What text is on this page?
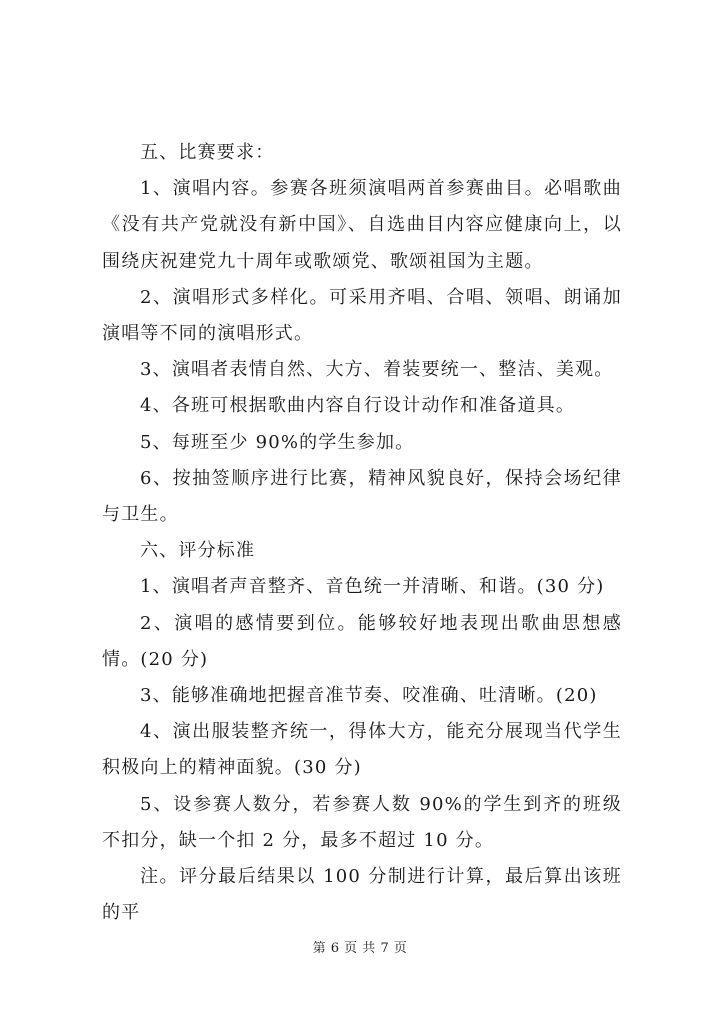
五、比赛要求：

1、演唱内容。参赛各班须演唱两首参赛曲目。必唱歌曲《没有共产党就没有新中国》、自选曲目内容应健康向上，以围绕庆祝建党九十周年或歌颂党、歌颂祖国为主题。

2、演唱形式多样化。可采用齐唱、合唱、领唱、朗诵加演唱等不同的演唱形式。

3、演唱者表情自然、大方、着装要统一、整洁、美观。

4、各班可根据歌曲内容自行设计动作和准备道具。

5、每班至少 90%的学生参加。

6、按抽签顺序进行比赛，精神风貌良好，保持会场纪律与卫生。

六、评分标准

1、演唱者声音整齐、音色统一并清晰、和谐。(30 分)

2、演唱的感情要到位。能够较好地表现出歌曲思想感情。(20 分)

3、能够准确地把握音准节奏、咬准确、吐清晰。(20)

4、演出服装整齐统一，得体大方，能充分展现当代学生积极向上的精神面貌。(30 分)

5、设参赛人数分，若参赛人数 90%的学生到齐的班级不扣分，缺一个扣 2 分，最多不超过 10 分。

注。评分最后结果以 100 分制进行计算，最后算出该班的平

第 6 页 共 7 页
